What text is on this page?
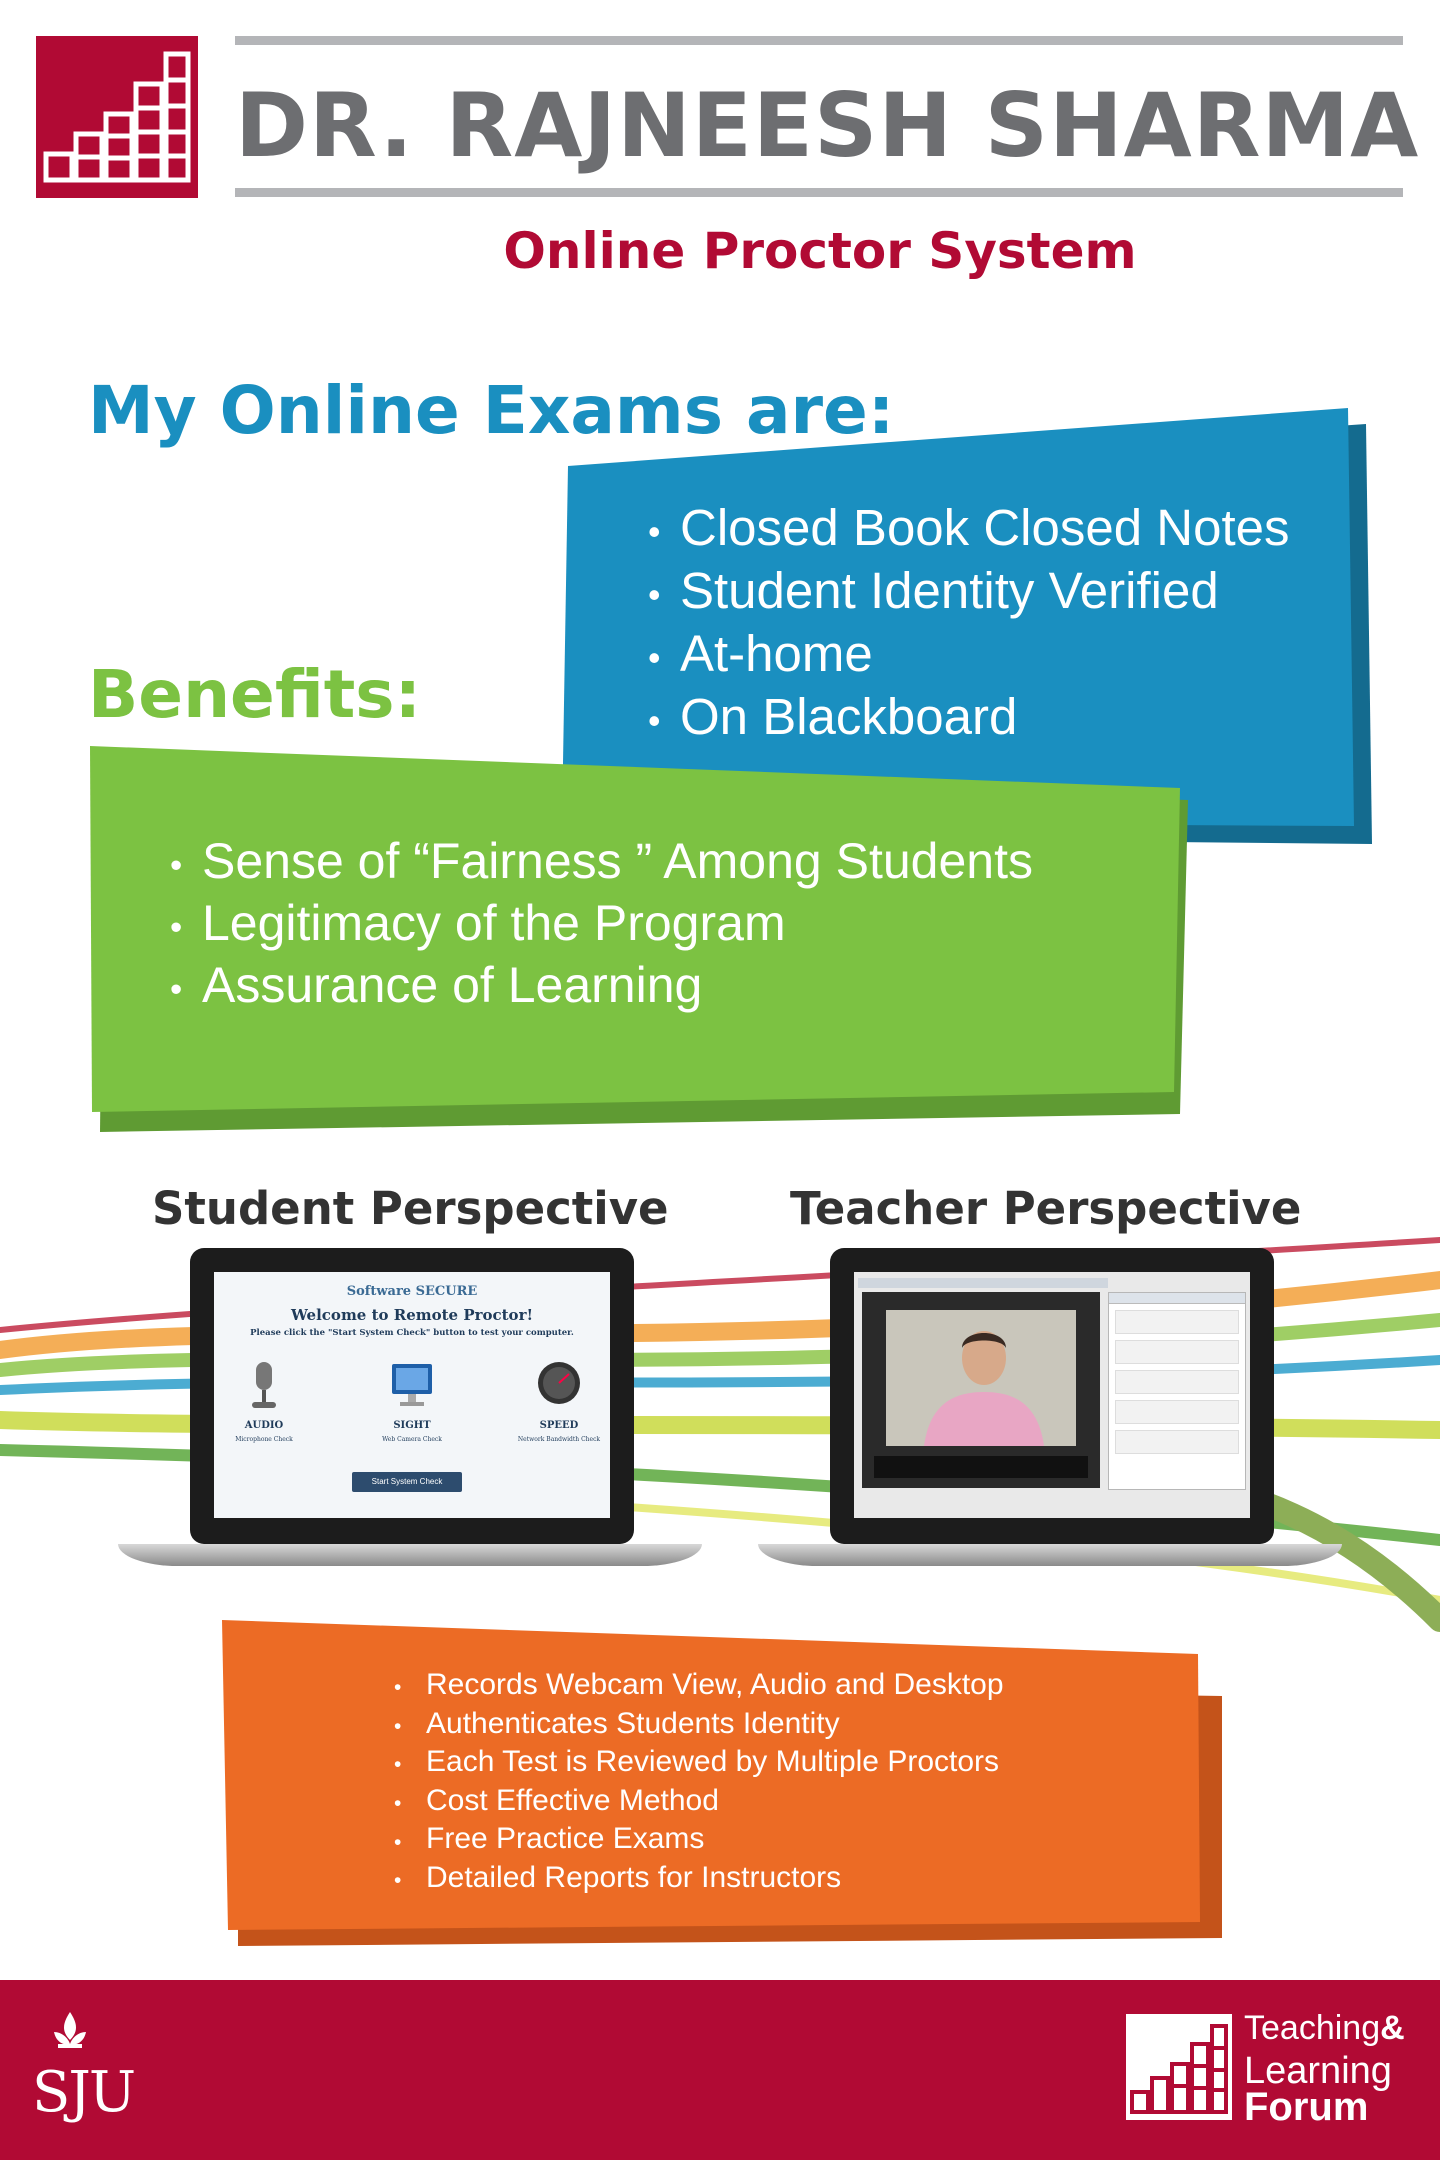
DR. RAJNEESH SHARMA
Online Proctor System
My Online Exams are:
• Closed Book Closed Notes
• Student Identity Verified
• At-home
• On Blackboard
Benefits:
• Sense of “Fairness ” Among Students
• Legitimacy of the Program
• Assurance of Learning
Student Perspective	Teacher Perspective
Software SECURE
Welcome to Remote Proctor!
Please click the "Start System Check" button to test your computer.
AUDIO
Microphone Check
SIGHT
Web Camera Check
SPEED
Network Bandwidth Check
Start System Check
• Records Webcam View, Audio and Desktop
• Authenticates Students Identity
• Each Test is Reviewed by Multiple Proctors
• Cost Effective Method
• Free Practice Exams
• Detailed Reports for Instructors
SJU
Teaching&
Learning
Forum
